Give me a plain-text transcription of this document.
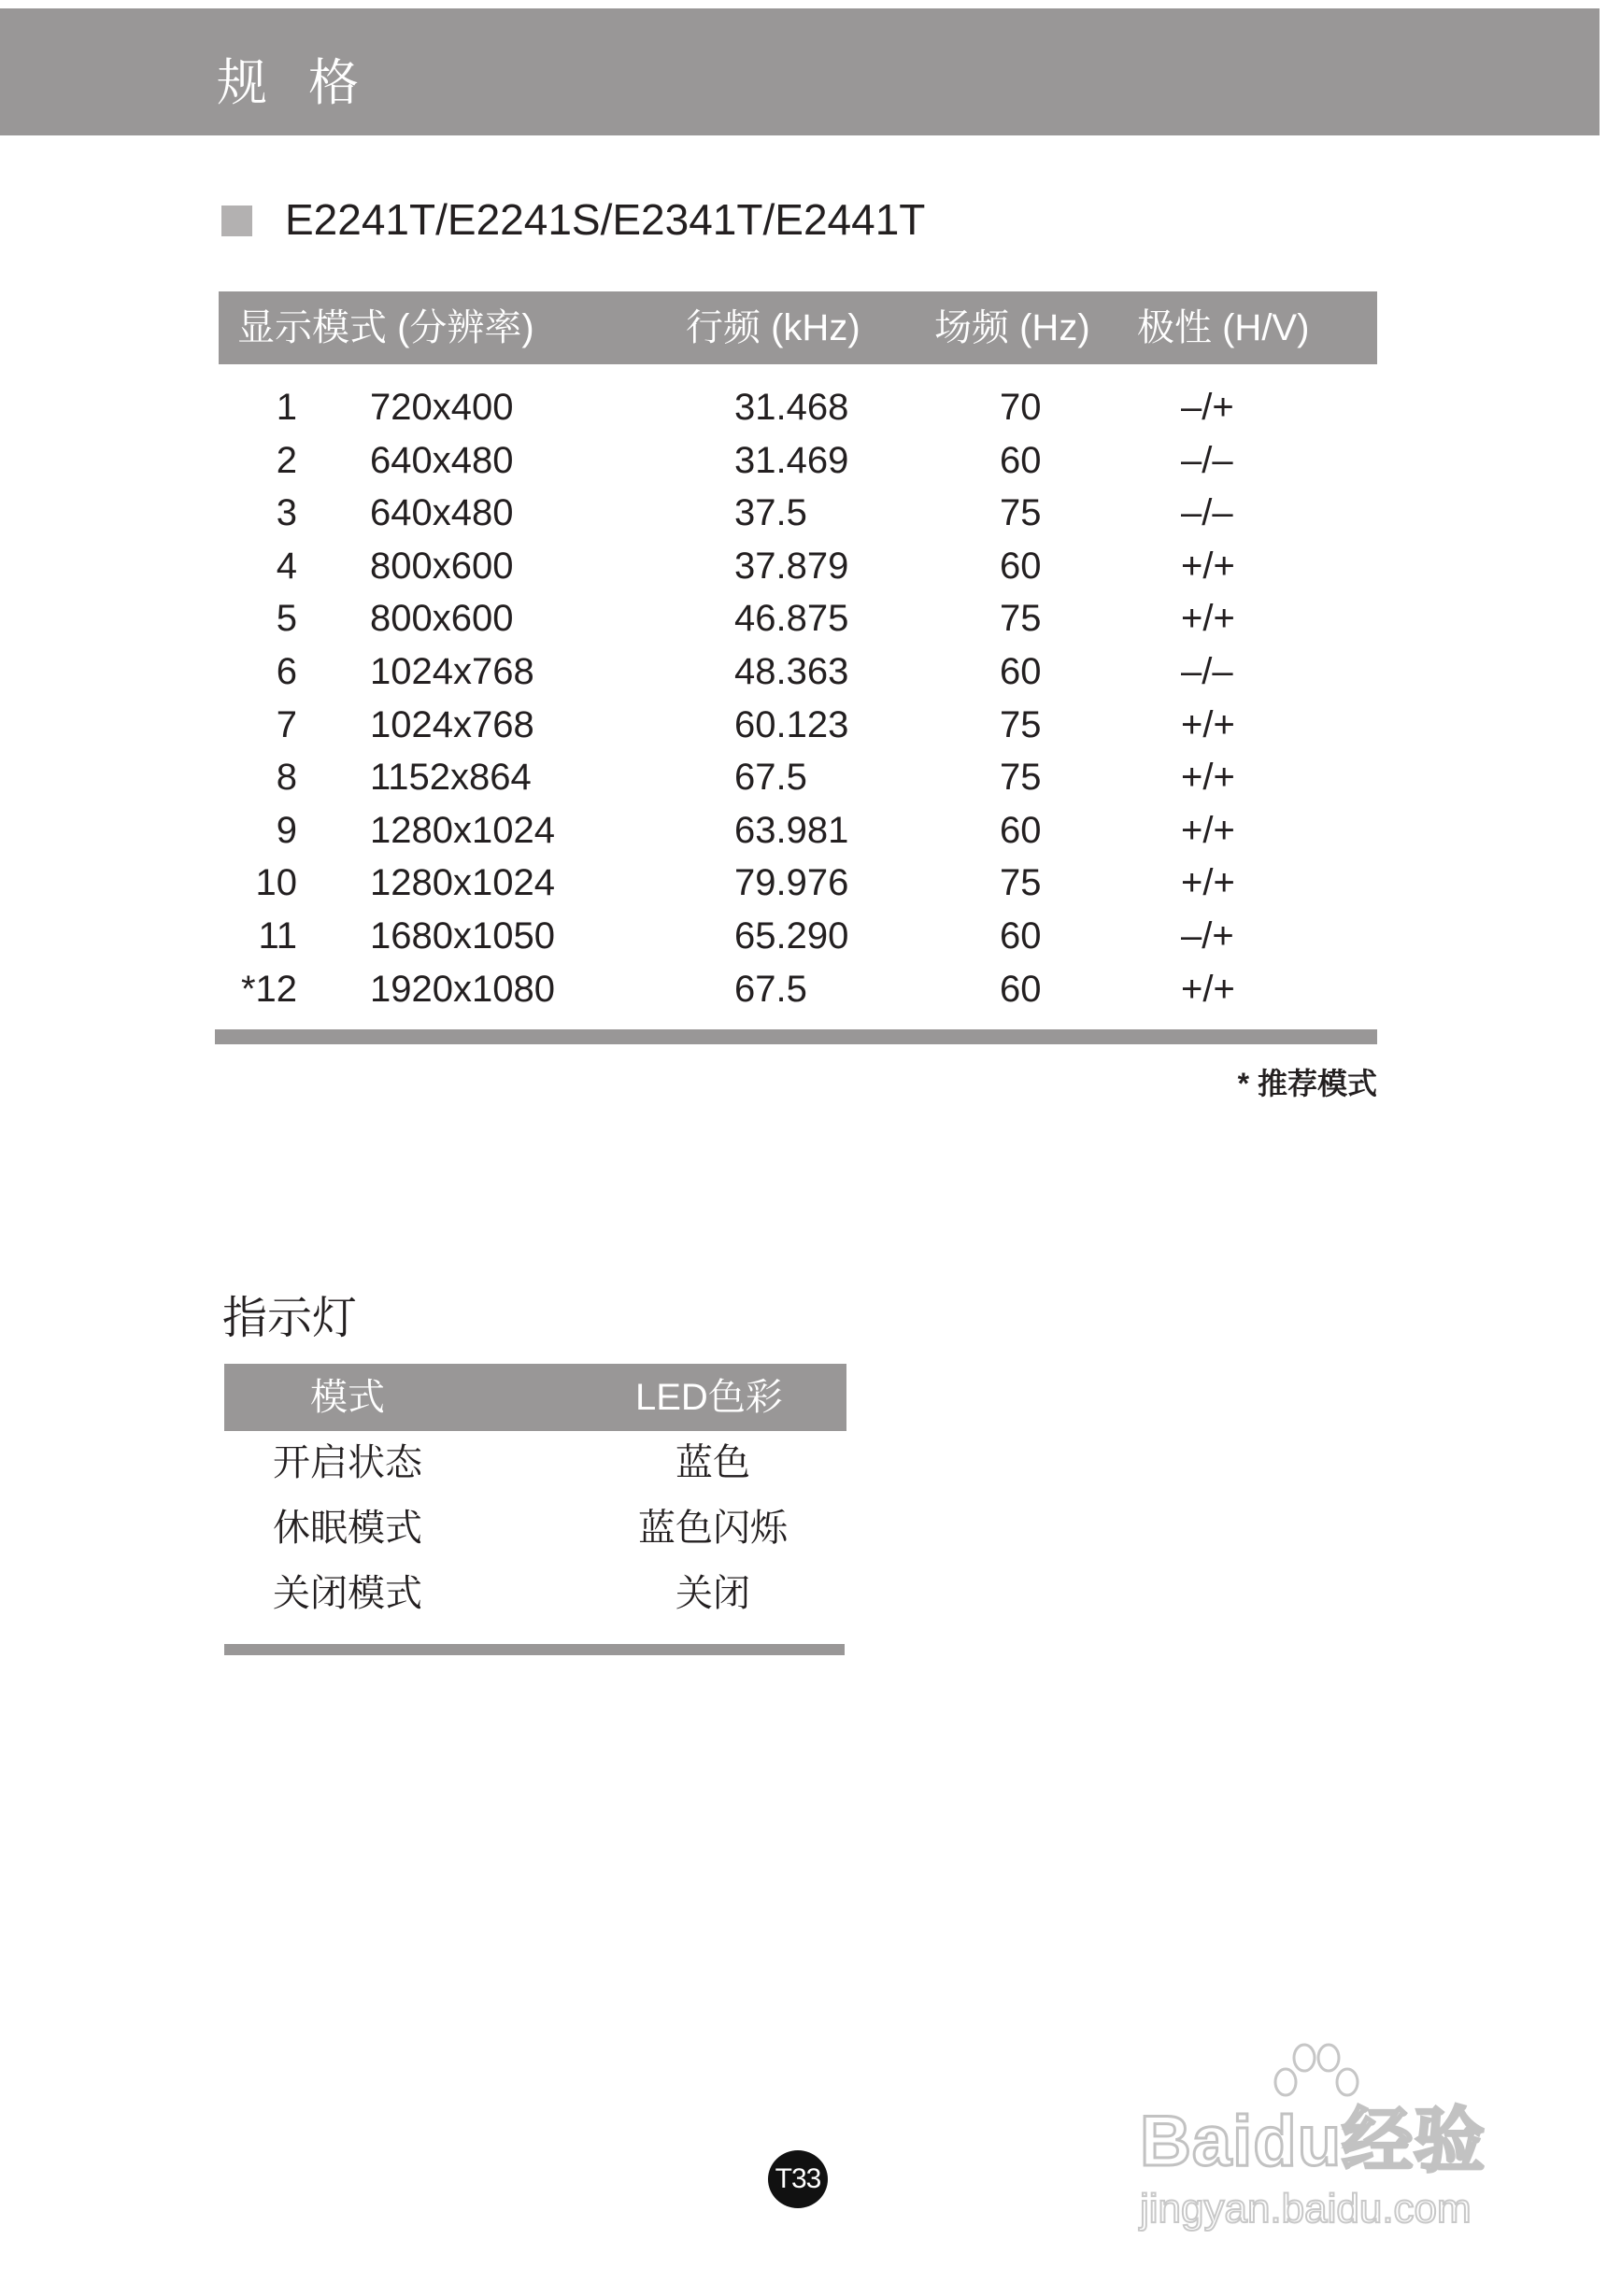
规格
E2241T/E2241S/E2341T/E2441T
显示模式 (分辨率)	行频 (kHz) 场频 (Hz) 极性 (H/V)
1 720x400	31.468	70	–/+
2 640x480	31.469	60	–/–
3 640x480	37.5	75	–/–
4 800x600	37.879	60	+/+
5 800x600	46.875	75	+/+
6 1024x768	48.363	60	–/–
7 1024x768	60.123	75	+/+
8 1152x864	67.5	75	+/+
9 1280x1024	63.981	60	+/+
10 1280x1024	79.976	75	+/+
11 1680x1050	65.290	60	–/+
*12 1920x1080	67.5	60	+/+
* 推荐模式
指示灯
模式	LED色彩
开启状态	蓝色
休眠模式	蓝色闪烁
关闭模式	关闭
T33	Baidu经验
jingyan.baidu.com
